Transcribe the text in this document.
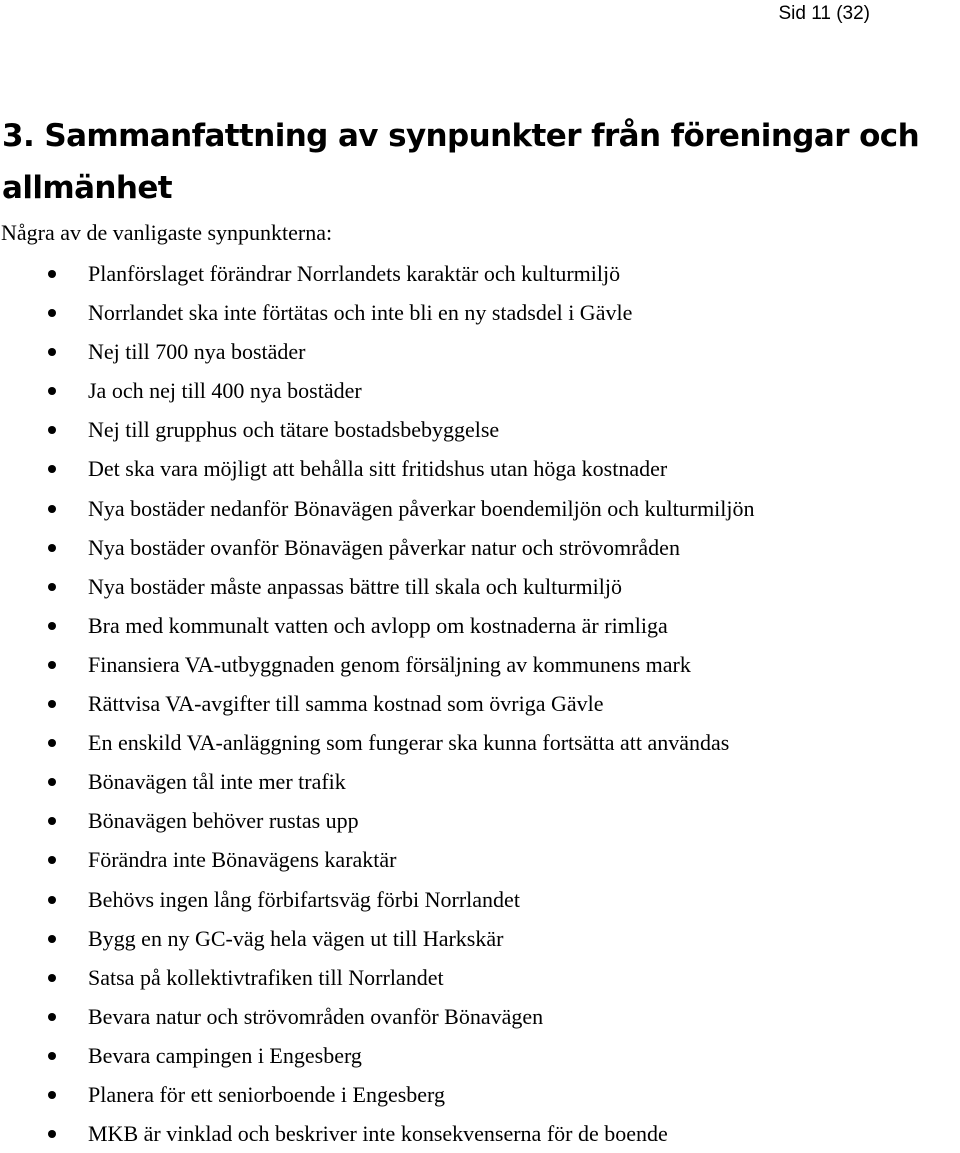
Sid 11 (32)
3. Sammanfattning av synpunkter från föreningar och allmänhet

Några av de vanligaste synpunkterna:

Planförslaget förändrar Norrlandets karaktär och kulturmiljö
Norrlandet ska inte förtätas och inte bli en ny stadsdel i Gävle
Nej till 700 nya bostäder
Ja och nej till 400 nya bostäder
Nej till grupphus och tätare bostadsbebyggelse
Det ska vara möjligt att behålla sitt fritidshus utan höga kostnader
Nya bostäder nedanför Bönavägen påverkar boendemiljön och kulturmiljön
Nya bostäder ovanför Bönavägen påverkar natur och strövområden
Nya bostäder måste anpassas bättre till skala och kulturmiljö
Bra med kommunalt vatten och avlopp om kostnaderna är rimliga
Finansiera VA-utbyggnaden genom försäljning av kommunens mark
Rättvisa VA-avgifter till samma kostnad som övriga Gävle
En enskild VA-anläggning som fungerar ska kunna fortsätta att användas
Bönavägen tål inte mer trafik
Bönavägen behöver rustas upp
Förändra inte Bönavägens karaktär
Behövs ingen lång förbifartsväg förbi Norrlandet
Bygg en ny GC-väg hela vägen ut till Harkskär
Satsa på kollektivtrafiken till Norrlandet
Bevara natur och strövområden ovanför Bönavägen
Bevara campingen i Engesberg
Planera för ett seniorboende i Engesberg
MKB är vinklad och beskriver inte konsekvenserna för de boende
